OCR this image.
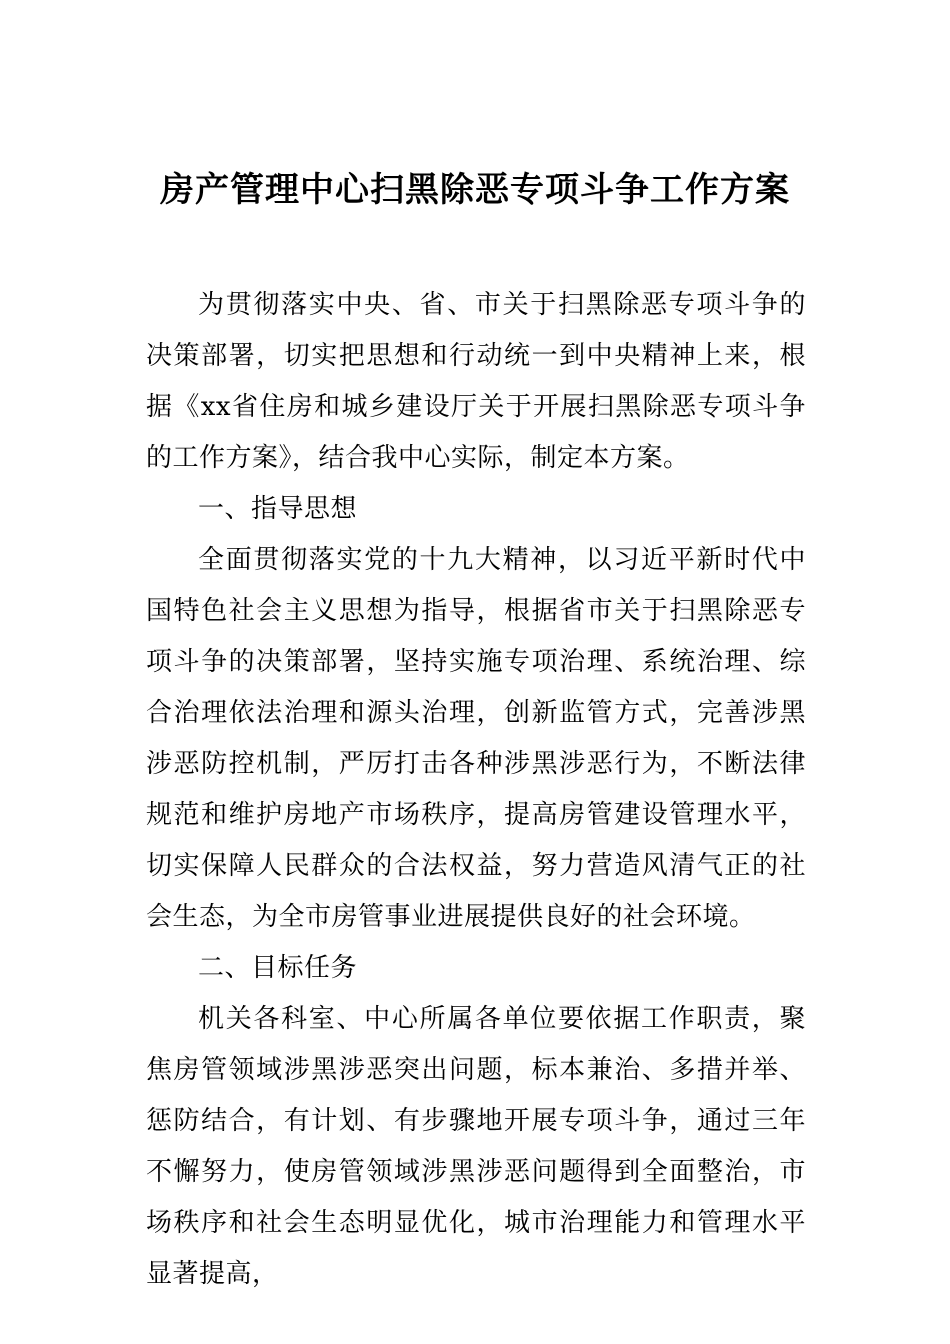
房产管理中心扫黑除恶专项斗争工作方案

为贯彻落实中央、省、市关于扫黑除恶专项斗争的决策部署，切实把思想和行动统一到中央精神上来，根据《xx省住房和城乡建设厅关于开展扫黑除恶专项斗争的工作方案》，结合我中心实际，制定本方案。

一、指导思想

全面贯彻落实党的十九大精神，以习近平新时代中国特色社会主义思想为指导，根据省市关于扫黑除恶专项斗争的决策部署，坚持实施专项治理、系统治理、综合治理依法治理和源头治理，创新监管方式，完善涉黑涉恶防控机制，严厉打击各种涉黑涉恶行为，不断法律规范和维护房地产市场秩序，提高房管建设管理水平，切实保障人民群众的合法权益，努力营造风清气正的社会生态，为全市房管事业进展提供良好的社会环境。

二、目标任务

机关各科室、中心所属各单位要依据工作职责，聚焦房管领域涉黑涉恶突出问题，标本兼治、多措并举、惩防结合，有计划、有步骤地开展专项斗争，通过三年不懈努力，使房管领域涉黑涉恶问题得到全面整治，市场秩序和社会生态明显优化，城市治理能力和管理水平显著提高，
